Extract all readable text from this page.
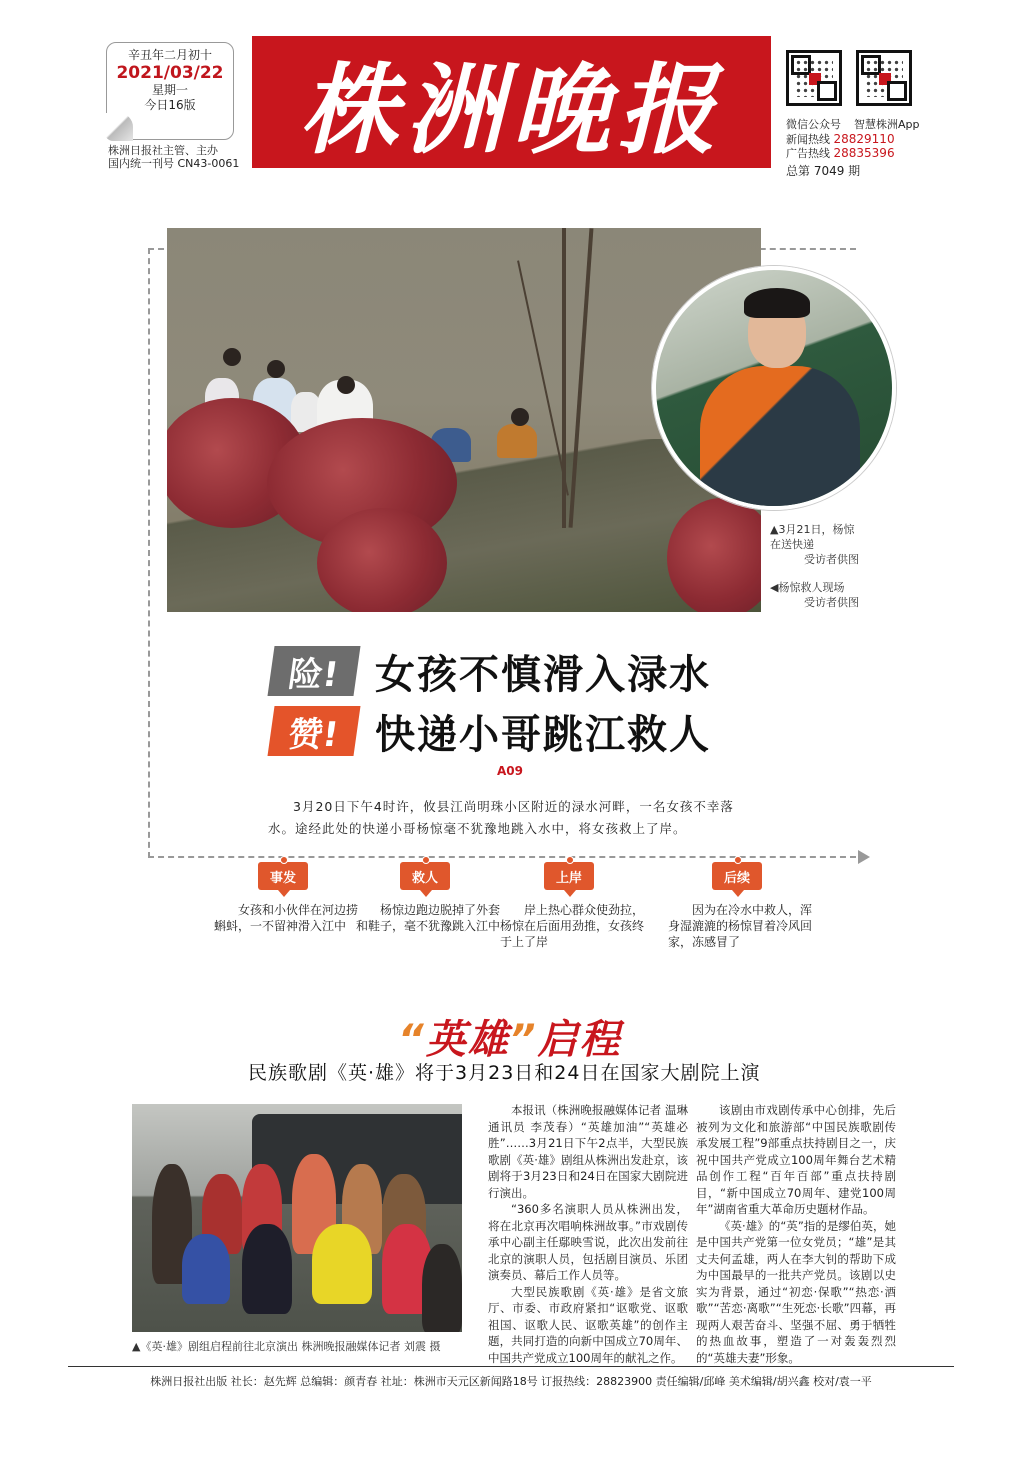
辛丑年二月初十
2021/03/22
星期一
今日16版
株洲日报社主管、主办
国内统一刊号 CN43-0061 株洲晚报	微信公众号 智慧株洲App
新闻热线 28829110
广告热线 28835396
总第 7049 期
▲3月21日，杨惊
在送快递
受访者供图
◀杨惊救人现场
受访者供图
险! 女孩不慎滑入渌水
赞! 快递小哥跳江救人
A09
3月20日下午4时许，攸县江尚明珠小区附近的渌水河畔，一名女孩不幸落水。途经此处的快递小哥杨惊毫不犹豫地跳入水中，将女孩救上了岸。
事发

女孩和小伙伴在河边捞蝌蚪，一不留神滑入江中

救人

杨惊边跑边脱掉了外套和鞋子，毫不犹豫跳入江中

上岸

岸上热心群众使劲拉，杨惊在后面用劲推，女孩终于上了岸

后续

因为在冷水中救人，浑身湿漉漉的杨惊冒着冷风回家，冻感冒了

“英雄”启程
民族歌剧《英·雄》将于3月23日和24日在国家大剧院上演
▲《英·雄》剧组启程前往北京演出 株洲晚报融媒体记者 刘震 摄

本报讯（株洲晚报融媒体记者 温琳 通讯员 李茂春）“英雄加油”“英雄必胜”……3月21日下午2点半，大型民族歌剧《英·雄》剧组从株洲出发赴京，该剧将于3月23日和24日在国家大剧院进行演出。

“360多名演职人员从株洲出发，将在北京再次唱响株洲故事。”市戏剧传承中心副主任鄢映雪说，此次出发前往北京的演职人员，包括剧目演员、乐团演奏员、幕后工作人员等。

大型民族歌剧《英·雄》是省文旅厅、市委、市政府紧扣“讴歌党、讴歌祖国、讴歌人民、讴歌英雄”的创作主题，共同打造的向新中国成立70周年、中国共产党成立100周年的献礼之作。

该剧由市戏剧传承中心创排，先后被列为文化和旅游部“中国民族歌剧传承发展工程”9部重点扶持剧目之一，庆祝中国共产党成立100周年舞台艺术精品创作工程“百年百部”重点扶持剧目，“新中国成立70周年、建党100周年”湖南省重大革命历史题材作品。

《英·雄》的“英”指的是缪伯英，她是中国共产党第一位女党员；“雄”是其丈夫何孟雄，两人在李大钊的帮助下成为中国最早的一批共产党员。该剧以史实为背景，通过“初恋·保歌”“热恋·酒歌”“苦恋·离歌”“生死恋·长歌”四幕，再现两人艰苦奋斗、坚强不屈、勇于牺牲的热血故事，塑造了一对轰轰烈烈的“英雄夫妻”形象。

株洲日报社出版 社长：赵先辉 总编辑：颜青春 社址：株洲市天元区新闻路18号 订报热线：28823900 责任编辑/邱峰 美术编辑/胡兴鑫 校对/袁一平
